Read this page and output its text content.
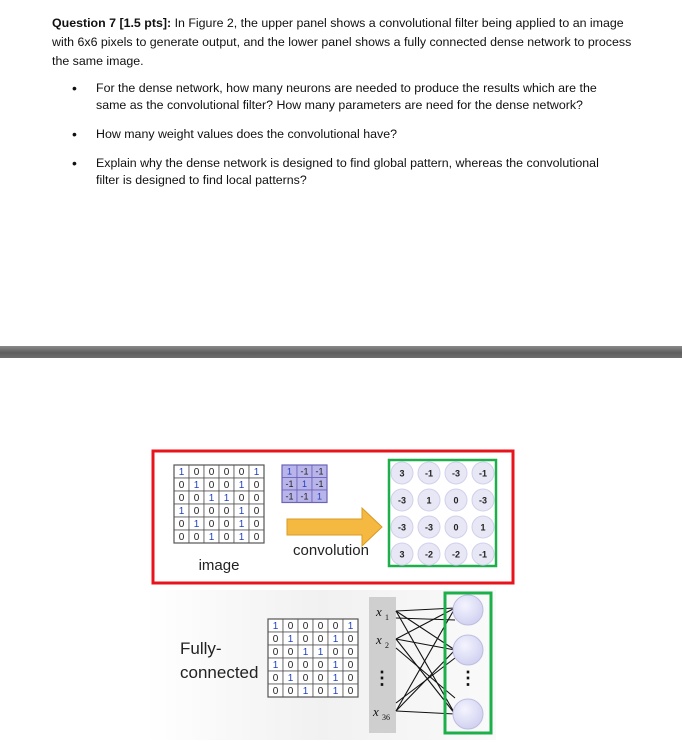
Question 7 [1.5 pts]: In Figure 2, the upper panel shows a convolutional filter being applied to an image with 6x6 pixels to generate output, and the lower panel shows a fully connected dense network to process the same image.
• For the dense network, how many neurons are needed to produce the results which are the same as the convolutional filter? How many parameters are need for the dense network?
• How many weight values does the convolutional have?
• Explain why the dense network is designed to find global pattern, whereas the convolutional filter is designed to find local patterns?
1 0 0 0 0 1
0 1 0 0 1 0
0 0 1 1 0 0
1 0 0 0 1 0
0 1 0 0 1 0
0 0 1 0 1 0
image
1 -1 -1
-1 1 -1
-1 -1 1
convolution
3 -1 -3 -1
-3 1 0 -3
-3 -3 0 1
3 -2 -2 -1
Fully-
connected
1 0 0 0 0 1
0 1 0 0 1 0
0 0 1 1 0 0
1 0 0 0 1 0
0 1 0 0 1 0
0 0 1 0 1 0
x 1
x 2
⋮
x 36
⋮
